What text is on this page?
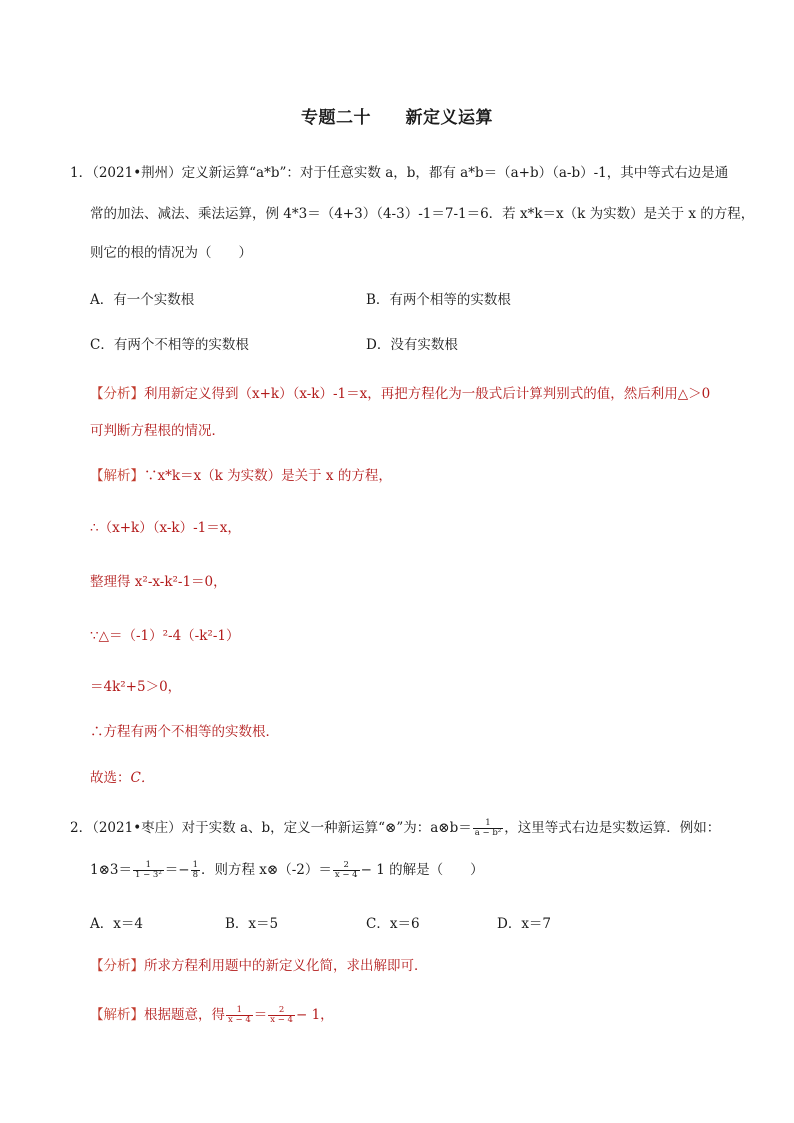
专题二十 新定义运算
1．（2021•荆州）定义新运算“a*b”：对于任意实数 a，b，都有 a*b＝（a+b）（a-b）-1，其中等式右边是通
常的加法、减法、乘法运算，例 4*3＝（4+3）（4-3）-1＝7-1＝6．若 x*k＝x（k 为实数）是关于 x 的方程，
则它的根的情况为（　　）
A．有一个实数根	B．有两个相等的实数根
C．有两个不相等的实数根	D．没有实数根
【分析】利用新定义得到（x+k）（x-k）-1＝x，再把方程化为一般式后计算判别式的值，然后利用△＞0
可判断方程根的情况．
【解析】∵x*k＝x（k 为实数）是关于 x 的方程，
∴（x+k）（x-k）-1＝x，
整理得 x²-x-k²-1＝0，
∵△＝（-1）²-4（-k²-1）
＝4k²+5＞0，
∴方程有两个不相等的实数根．
故选：C．
2．（2021•枣庄）对于实数 a、b，定义一种新运算“⊗”为：a⊗b＝ $\frac{1}{\text{a − b²}}$ ，这里等式右边是实数运算．例如：
1⊗3＝ $\frac{1}{\text{1 − 3²}} =- \frac{1}{8}$ ．则方程 x⊗（-2）＝ $\frac{2}{x - 4} - 1$ 的解是（　　）
A．x＝4	B．x＝5	C．x＝6	D．x＝7
【分析】所求方程利用题中的新定义化简，求出解即可．
【解析】根据题意，得 $\frac{1}{x - 4} = \frac{2}{x - 4} - 1$，
